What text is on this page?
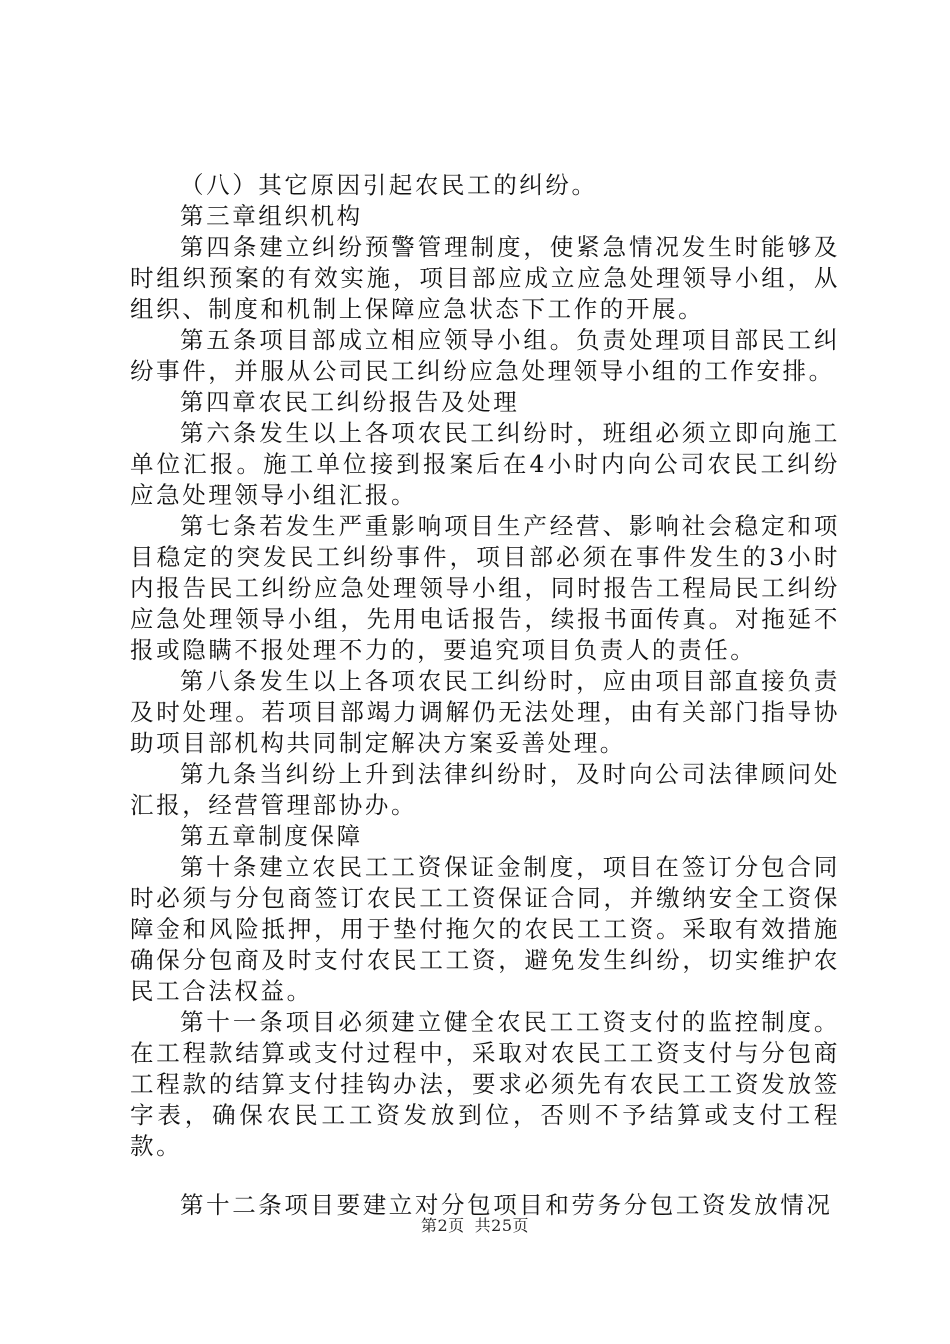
（八）其它原因引起农民工的纠纷。

第三章组织机构

第四条建立纠纷预警管理制度，使紧急情况发生时能够及时组织预案的有效实施，项目部应成立应急处理领导小组，从组织、制度和机制上保障应急状态下工作的开展。

第五条项目部成立相应领导小组。负责处理项目部民工纠纷事件，并服从公司民工纠纷应急处理领导小组的工作安排。

第四章农民工纠纷报告及处理

第六条发生以上各项农民工纠纷时，班组必须立即向施工单位汇报。施工单位接到报案后在4小时内向公司农民工纠纷应急处理领导小组汇报。

第七条若发生严重影响项目生产经营、影响社会稳定和项目稳定的突发民工纠纷事件，项目部必须在事件发生的3小时内报告民工纠纷应急处理领导小组，同时报告工程局民工纠纷应急处理领导小组，先用电话报告，续报书面传真。对拖延不报或隐瞒不报处理不力的，要追究项目负责人的责任。

第八条发生以上各项农民工纠纷时，应由项目部直接负责及时处理。若项目部竭力调解仍无法处理，由有关部门指导协助项目部机构共同制定解决方案妥善处理。

第九条当纠纷上升到法律纠纷时，及时向公司法律顾问处汇报，经营管理部协办。

第五章制度保障

第十条建立农民工工资保证金制度，项目在签订分包合同时必须与分包商签订农民工工资保证合同，并缴纳安全工资保障金和风险抵押，用于垫付拖欠的农民工工资。采取有效措施确保分包商及时支付农民工工资，避免发生纠纷，切实维护农民工合法权益。

第十一条项目必须建立健全农民工工资支付的监控制度。在工程款结算或支付过程中，采取对农民工工资支付与分包商工程款的结算支付挂钩办法，要求必须先有农民工工资发放签字表，确保农民工工资发放到位，否则不予结算或支付工程款。

第十二条项目要建立对分包项目和劳务分包工资发放情况

第2页 共25页
